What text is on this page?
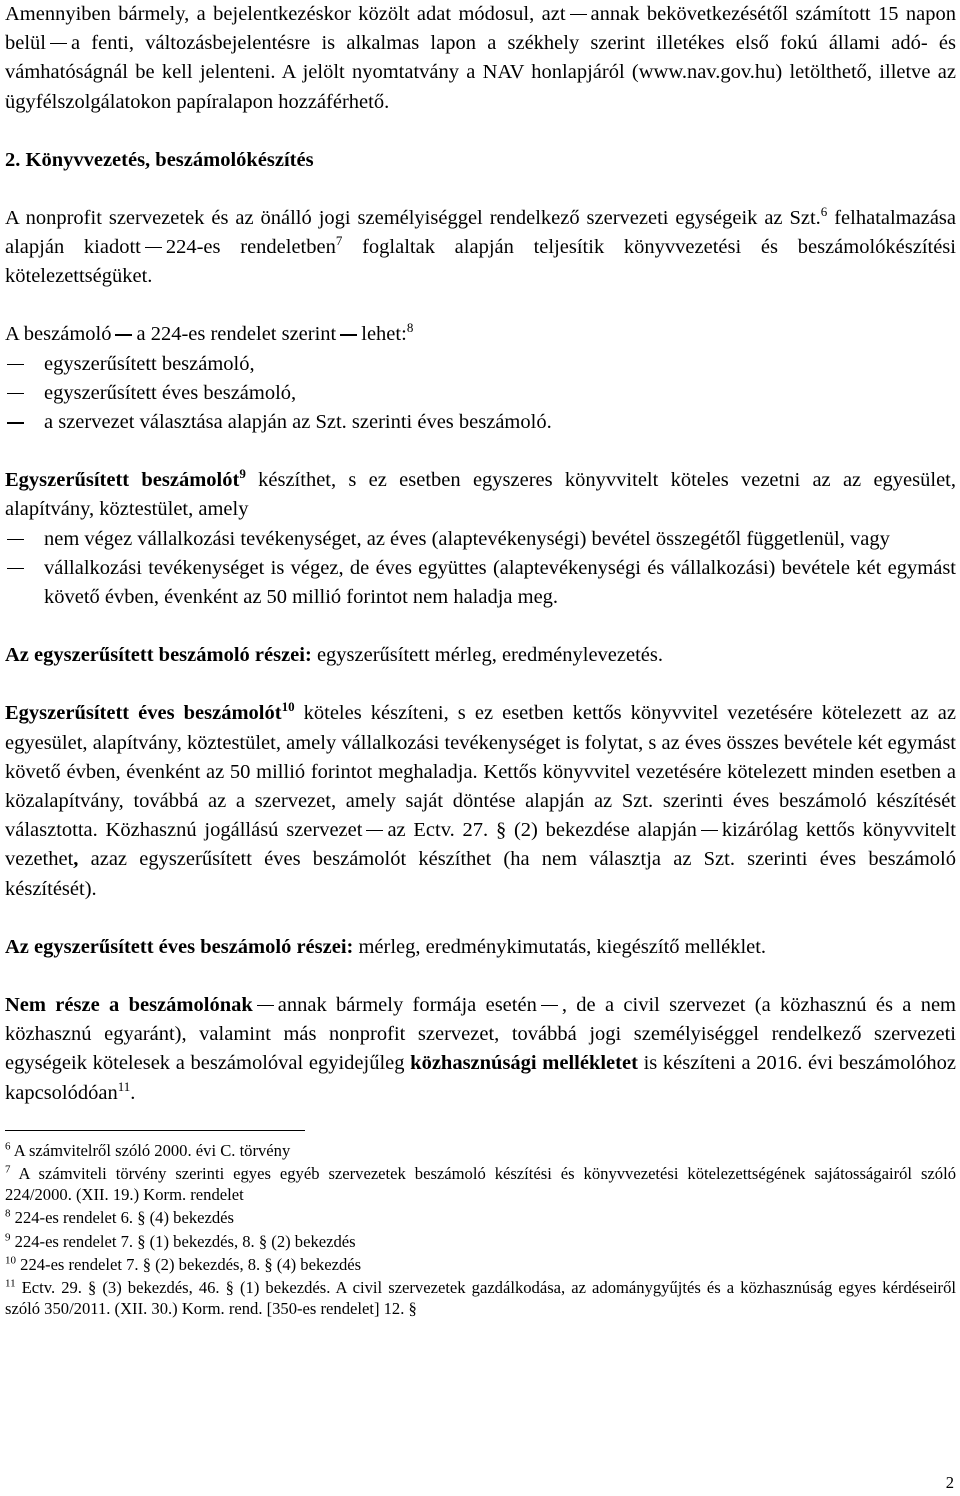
Amennyiben bármely, a bejelentkezéskor közölt adat módosul, azt annak bekövetkezésétől számított 15 napon belül a fenti, változásbejelentésre is alkalmas lapon a székhely szerint illetékes első fokú állami adó- és vámhatóságnál be kell jelenteni. A jelölt nyomtatvány a NAV honlapjáról (www.nav.gov.hu) letölthető, illetve az ügyfélszolgálatokon papíralapon hozzáférhető.

2. Könyvvezetés, beszámolókészítés

A nonprofit szervezetek és az önálló jogi személyiséggel rendelkező szervezeti egységeik az Szt.$^6$ felhatalmazása alapján kiadott 224-es rendeletben$^7$ foglaltak alapján teljesítik könyvvezetési és beszámolókészítési kötelezettségüket.

A beszámoló a 224-es rendelet szerint lehet:$^8$

egyszerűsített beszámoló,
egyszerűsített éves beszámoló,
a szervezet választása alapján az Szt. szerinti éves beszámoló.

Egyszerűsített beszámolót$^9$ készíthet, s ez esetben egyszeres könyvvitelt köteles vezetni az az egyesület, alapítvány, köztestület, amely

nem végez vállalkozási tevékenységet, az éves (alaptevékenységi) bevétel összegétől függetlenül, vagy
vállalkozási tevékenységet is végez, de éves együttes (alaptevékenységi és vállalkozási) bevétele két egymást követő évben, évenként az 50 millió forintot nem haladja meg.

Az egyszerűsített beszámoló részei: egyszerűsített mérleg, eredménylevezetés.

Egyszerűsített éves beszámolót$^{10}$ köteles készíteni, s ez esetben kettős könyvvitel vezetésére kötelezett az az egyesület, alapítvány, köztestület, amely vállalkozási tevékenységet is folytat, s az éves összes bevétele két egymást követő évben, évenként az 50 millió forintot meghaladja. Kettős könyvvitel vezetésére kötelezett minden esetben a közalapítvány, továbbá az a szervezet, amely saját döntése alapján az Szt. szerinti éves beszámoló készítését választotta. Közhasznú jogállású szervezet az Ectv. 27. § (2) bekezdése alapján kizárólag kettős könyvvitelt vezethet, azaz egyszerűsített éves beszámolót készíthet (ha nem választja az Szt. szerinti éves beszámoló készítését).

Az egyszerűsített éves beszámoló részei: mérleg, eredménykimutatás, kiegészítő melléklet.

Nem része a beszámolónak annak bármely formája esetén , de a civil szervezet (a közhasznú és a nem közhasznú egyaránt), valamint más nonprofit szervezet, továbbá jogi személyiséggel rendelkező szervezeti egységeik kötelesek a beszámolóval egyidejűleg közhasznúsági mellékletet is készíteni a 2016. évi beszámolóhoz kapcsolódóan$^{11}$.

$^6$ A számvitelről szóló 2000. évi C. törvény

$^7$ A számviteli törvény szerinti egyes egyéb szervezetek beszámoló készítési és könyvvezetési kötelezettségének sajátosságairól szóló 224/2000. (XII. 19.) Korm. rendelet

$^8$ 224-es rendelet 6. § (4) bekezdés

$^9$ 224-es rendelet 7. § (1) bekezdés, 8. § (2) bekezdés

$^{10}$ 224-es rendelet 7. § (2) bekezdés, 8. § (4) bekezdés

$^{11}$ Ectv. 29. § (3) bekezdés, 46. § (1) bekezdés. A civil szervezetek gazdálkodása, az adománygyűjtés és a közhasznúság egyes kérdéseiről szóló 350/2011. (XII. 30.) Korm. rend. [350-es rendelet] 12. §

2
